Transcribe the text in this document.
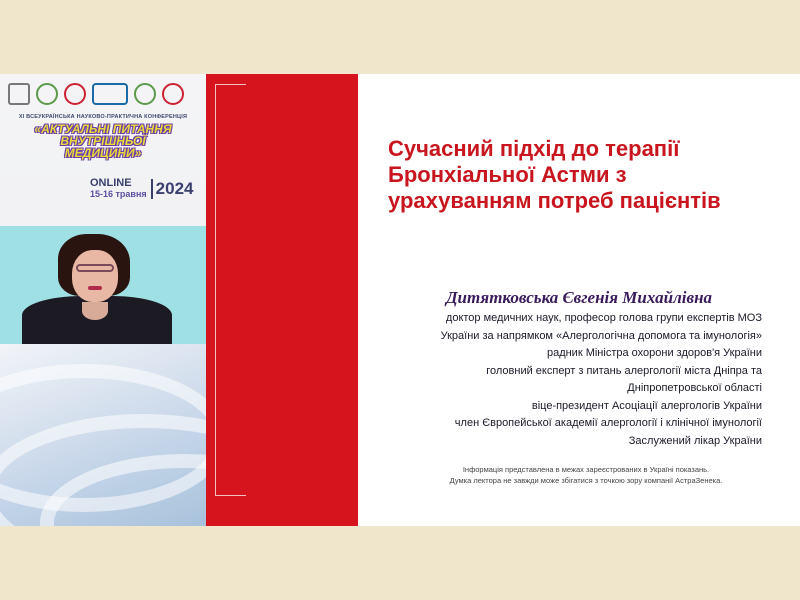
XI ВСЕУКРАЇНСЬКА НАУКОВО-ПРАКТИЧНА КОНФЕРЕНЦІЯ
«АКТУАЛЬНІ ПИТАННЯ
ВНУТРІШНЬОЇ
МЕДИЦИНИ»
ONLINE
15-16 травня 2024
Сучасний підхід до терапії
Бронхіальної Астми з
урахуванням потреб пацієнтів
Дитятковська Євгенія Михайлівна
доктор медичних наук, професор голова групи експертів МОЗ
України за напрямком «Алергологічна допомога та імунологія»
радник Міністра охорони здоров'я України
головний експерт з питань алергології міста Дніпра та
Дніпропетровської області
віце-президент Асоціації алергологів України
член Європейської академії алергології і клінічної імунології
Заслужений лікар України
Інформація представлена в межах зареєстрованих в Україні показань.
Думка лектора не завжди може збігатися з точкою зору компанії АстраЗенека.
